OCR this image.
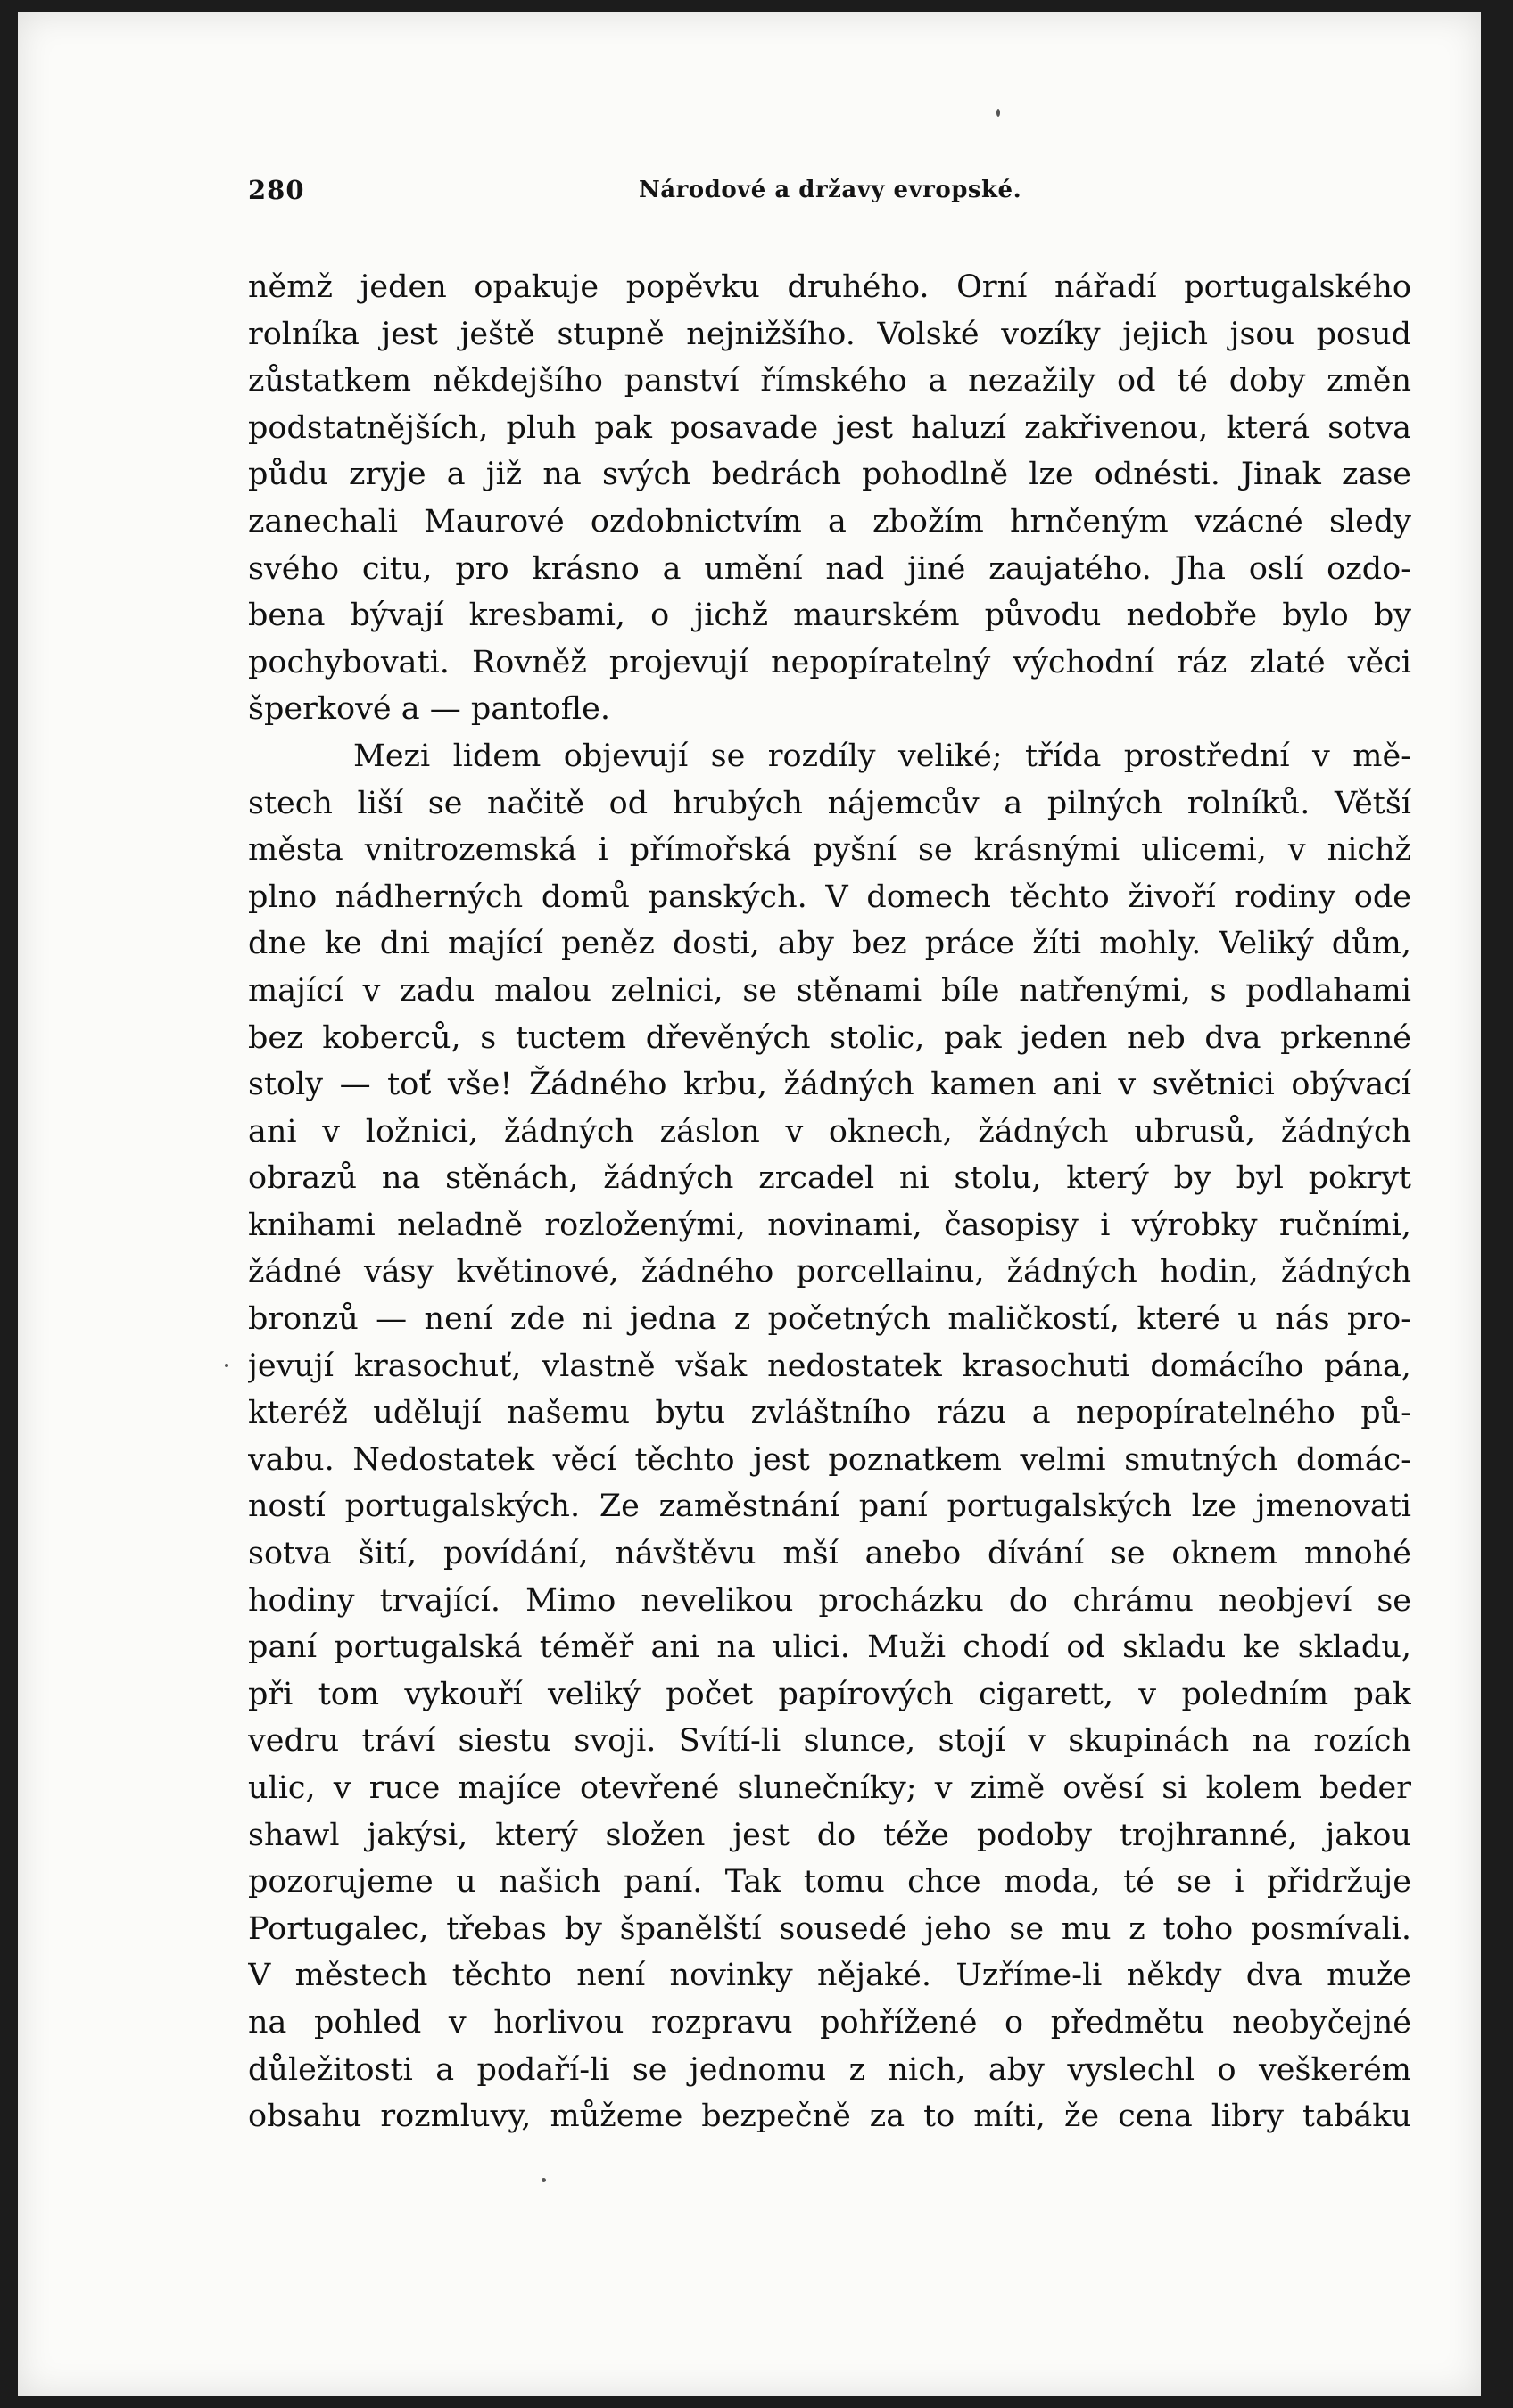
280	Národové a državy evropské.
němž jeden opakuje popěvku druhého. Orní nářadí portugalského
rolníka jest ještě stupně nejnižšího. Volské vozíky jejich jsou posud
zůstatkem někdejšího panství římského a nezažily od té doby změn
podstatnějších, pluh pak posavade jest haluzí zakřivenou, která sotva
půdu zryje a již na svých bedrách pohodlně lze odnésti. Jinak zase
zanechali Maurové ozdobnictvím a zbožím hrnčeným vzácné sledy
svého citu, pro krásno a umění nad jiné zaujatého. Jha oslí ozdo-
bena bývají kresbami, o jichž maurském původu nedobře bylo by
pochybovati. Rovněž projevují nepopíratelný východní ráz zlaté věci
šperkové a — pantofle.
Mezi lidem objevují se rozdíly veliké; třída prostřední v mě-
stech liší se načitě od hrubých nájemcův a pilných rolníků. Větší
města vnitrozemská i přímořská pyšní se krásnými ulicemi, v nichž
plno nádherných domů panských. V domech těchto živoří rodiny ode
dne ke dni mající peněz dosti, aby bez práce žíti mohly. Veliký dům,
mající v zadu malou zelnici, se stěnami bíle natřenými, s podlahami
bez koberců, s tuctem dřevěných stolic, pak jeden neb dva prkenné
stoly — toť vše! Žádného krbu, žádných kamen ani v světnici obývací
ani v ložnici, žádných záslon v oknech, žádných ubrusů, žádných
obrazů na stěnách, žádných zrcadel ni stolu, který by byl pokryt
knihami neladně rozloženými, novinami, časopisy i výrobky ručními,
žádné vásy květinové, žádného porcellainu, žádných hodin, žádných
bronzů — není zde ni jedna z početných maličkostí, které u nás pro-
jevují krasochuť, vlastně však nedostatek krasochuti domácího pána,
kteréž udělují našemu bytu zvláštního rázu a nepopíratelného pů-
vabu. Nedostatek věcí těchto jest poznatkem velmi smutných domác-
ností portugalských. Ze zaměstnání paní portugalských lze jmenovati
sotva šití, povídání, návštěvu mší anebo dívání se oknem mnohé
hodiny trvající. Mimo nevelikou procházku do chrámu neobjeví se
paní portugalská téměř ani na ulici. Muži chodí od skladu ke skladu,
při tom vykouří veliký počet papírových cigarett, v poledním pak
vedru tráví siestu svoji. Svítí-li slunce, stojí v skupinách na rozích
ulic, v ruce majíce otevřené slunečníky; v zimě ověsí si kolem beder
shawl jakýsi, který složen jest do téže podoby trojhranné, jakou
pozorujeme u našich paní. Tak tomu chce moda, té se i přidržuje
Portugalec, třebas by španělští sousedé jeho se mu z toho posmívali.
V městech těchto není novinky nějaké. Uzříme-li někdy dva muže
na pohled v horlivou rozpravu pohřížené o předmětu neobyčejné
důležitosti a podaří-li se jednomu z nich, aby vyslechl o veškerém
obsahu rozmluvy, můžeme bezpečně za to míti, že cena libry tabáku
